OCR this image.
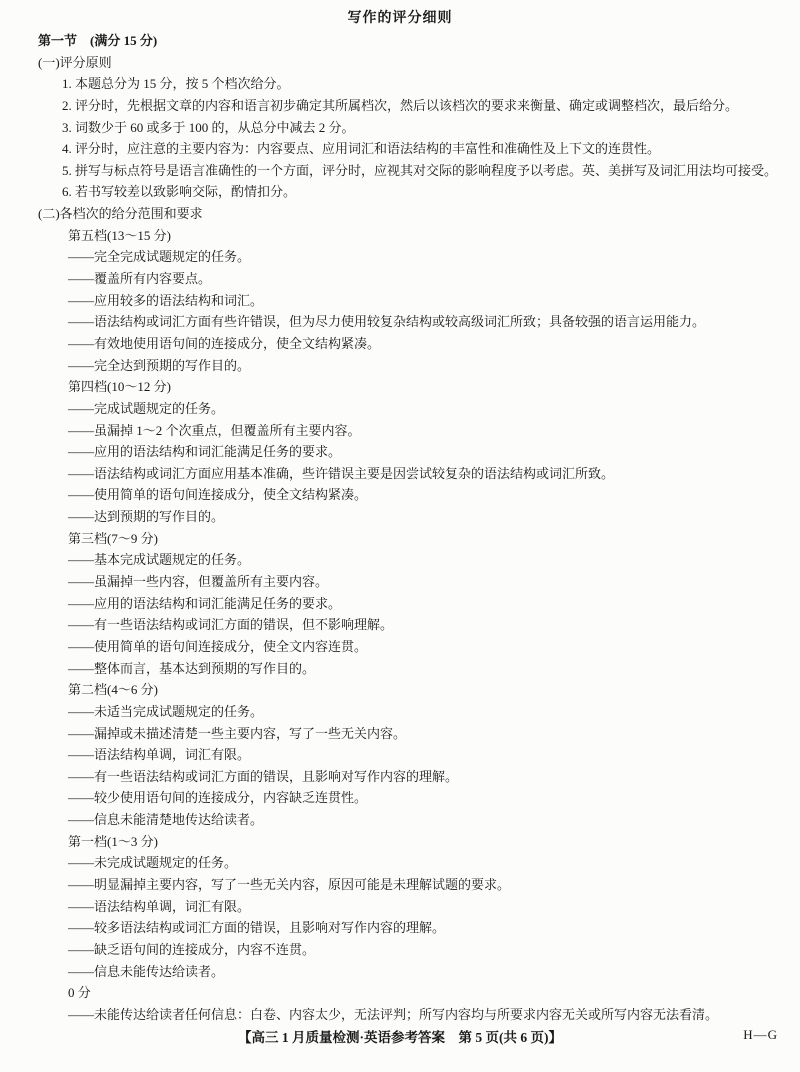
写作的评分细则
第一节　(满分 15 分)
(一)评分原则
1. 本题总分为 15 分，按 5 个档次给分。
2. 评分时，先根据文章的内容和语言初步确定其所属档次，然后以该档次的要求来衡量、确定或调整档次，最后给分。
3. 词数少于 60 或多于 100 的，从总分中减去 2 分。
4. 评分时，应注意的主要内容为：内容要点、应用词汇和语法结构的丰富性和准确性及上下文的连贯性。
5. 拼写与标点符号是语言准确性的一个方面，评分时，应视其对交际的影响程度予以考虑。英、美拼写及词汇用法均可接受。
6. 若书写较差以致影响交际，酌情扣分。
(二)各档次的给分范围和要求
第五档(13～15 分)
——完全完成试题规定的任务。
——覆盖所有内容要点。
——应用较多的语法结构和词汇。
——语法结构或词汇方面有些许错误，但为尽力使用较复杂结构或较高级词汇所致；具备较强的语言运用能力。
——有效地使用语句间的连接成分，使全文结构紧凑。
——完全达到预期的写作目的。
第四档(10～12 分)
——完成试题规定的任务。
——虽漏掉 1～2 个次重点，但覆盖所有主要内容。
——应用的语法结构和词汇能满足任务的要求。
——语法结构或词汇方面应用基本准确，些许错误主要是因尝试较复杂的语法结构或词汇所致。
——使用简单的语句间连接成分，使全文结构紧凑。
——达到预期的写作目的。
第三档(7～9 分)
——基本完成试题规定的任务。
——虽漏掉一些内容，但覆盖所有主要内容。
——应用的语法结构和词汇能满足任务的要求。
——有一些语法结构或词汇方面的错误，但不影响理解。
——使用简单的语句间连接成分，使全文内容连贯。
——整体而言，基本达到预期的写作目的。
第二档(4～6 分)
——未适当完成试题规定的任务。
——漏掉或未描述清楚一些主要内容，写了一些无关内容。
——语法结构单调，词汇有限。
——有一些语法结构或词汇方面的错误，且影响对写作内容的理解。
——较少使用语句间的连接成分，内容缺乏连贯性。
——信息未能清楚地传达给读者。
第一档(1～3 分)
——未完成试题规定的任务。
——明显漏掉主要内容，写了一些无关内容，原因可能是未理解试题的要求。
——语法结构单调，词汇有限。
——较多语法结构或词汇方面的错误，且影响对写作内容的理解。
——缺乏语句间的连接成分，内容不连贯。
——信息未能传达给读者。
0 分
——未能传达给读者任何信息：白卷、内容太少，无法评判；所写内容均与所要求内容无关或所写内容无法看清。
【高三 1 月质量检测·英语参考答案　第 5 页(共 6 页)】	H—G
